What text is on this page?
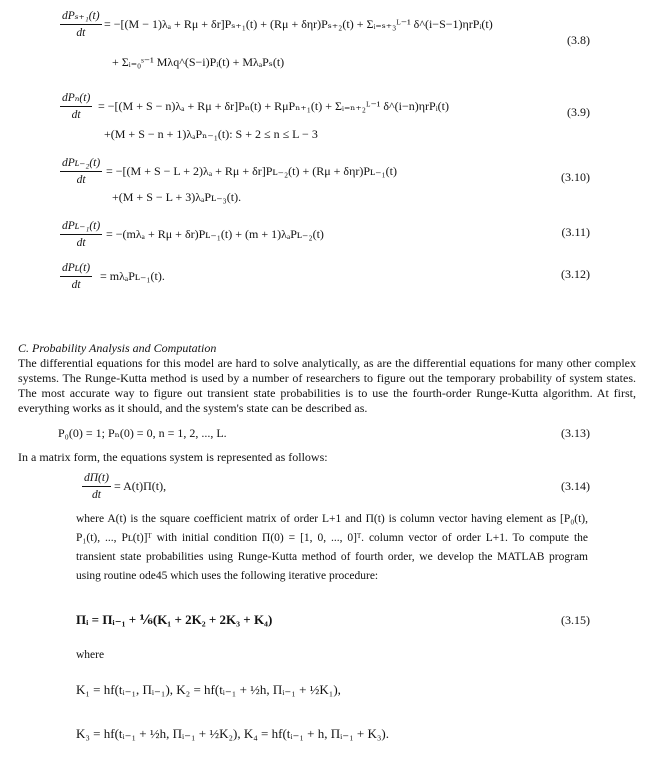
dPₛ₊₁(t)
dt
= −[(M − 1)λₐ + Rμ + δr]Pₛ₊₁(t) + (Rμ + δηr)Pₛ₊₂(t) + Σᵢ₌ₛ₊₃ᴸ⁻¹ δ^(i−S−1)ηrPᵢ(t)
+ Σᵢ₌₀ˢ⁻¹ Mλq^(S−i)Pᵢ(t) + MλₐPₛ(t)
(3.8)
dPₙ(t)
dt
= −[(M + S − n)λₐ + Rμ + δr]Pₙ(t) + RμPₙ₊₁(t) + Σᵢ₌ₙ₊₂ᴸ⁻¹ δ^(i−n)ηrPᵢ(t)
+(M + S − n + 1)λₐPₙ₋₁(t): S + 2 ≤ n ≤ L − 3
(3.9)
dPʟ₋₂(t)
dt
= −[(M + S − L + 2)λₐ + Rμ + δr]Pʟ₋₂(t) + (Rμ + δηr)Pʟ₋₁(t)
+(M + S − L + 3)λₐPʟ₋₃(t).
(3.10)
dPʟ₋₁(t)
dt
= −(mλₐ + Rμ + δr)Pʟ₋₁(t) + (m + 1)λₐPʟ₋₂(t)	(3.11)
dPʟ(t)
dt
= mλₐPʟ₋₁(t).	(3.12)
C. Probability Analysis and Computation
The differential equations for this model are hard to solve analytically, as are the differential equations for many other complex systems. The Runge-Kutta method is used by a number of researchers to figure out the temporary probability of system states. The most accurate way to figure out transient state probabilities is to use the fourth-order Runge-Kutta algorithm. At first, everything works as it should, and the system's state can be described as.
P₀(0) = 1; Pₙ(0) = 0, n = 1, 2, ..., L.	(3.13)
In a matrix form, the equations system is represented as follows:
$\frac{d\Pi(t)}{dt} = A(t)\Pi(t)$,	(3.14)
where A(t) is the square coefficient matrix of order L+1 and Π(t) is column vector having element as [P₀(t), P₁(t), ..., Pʟ(t)]ᵀ with initial condition Π(0) = [1, 0, ..., 0]ᵀ. column vector of order L+1. To compute the transient state probabilities using Runge-Kutta method of fourth order, we develop the MATLAB program using routine ode45 which uses the following iterative procedure:
Πᵢ = Πᵢ₋₁ + ⅙(K₁ + 2K₂ + 2K₃ + K₄)	(3.15)
where
K₁ = hf(tᵢ₋₁, Πᵢ₋₁), K₂ = hf(tᵢ₋₁ + ½h, Πᵢ₋₁ + ½K₁),
K₃ = hf(tᵢ₋₁ + ½h, Πᵢ₋₁ + ½K₂), K₄ = hf(tᵢ₋₁ + h, Πᵢ₋₁ + K₃).
